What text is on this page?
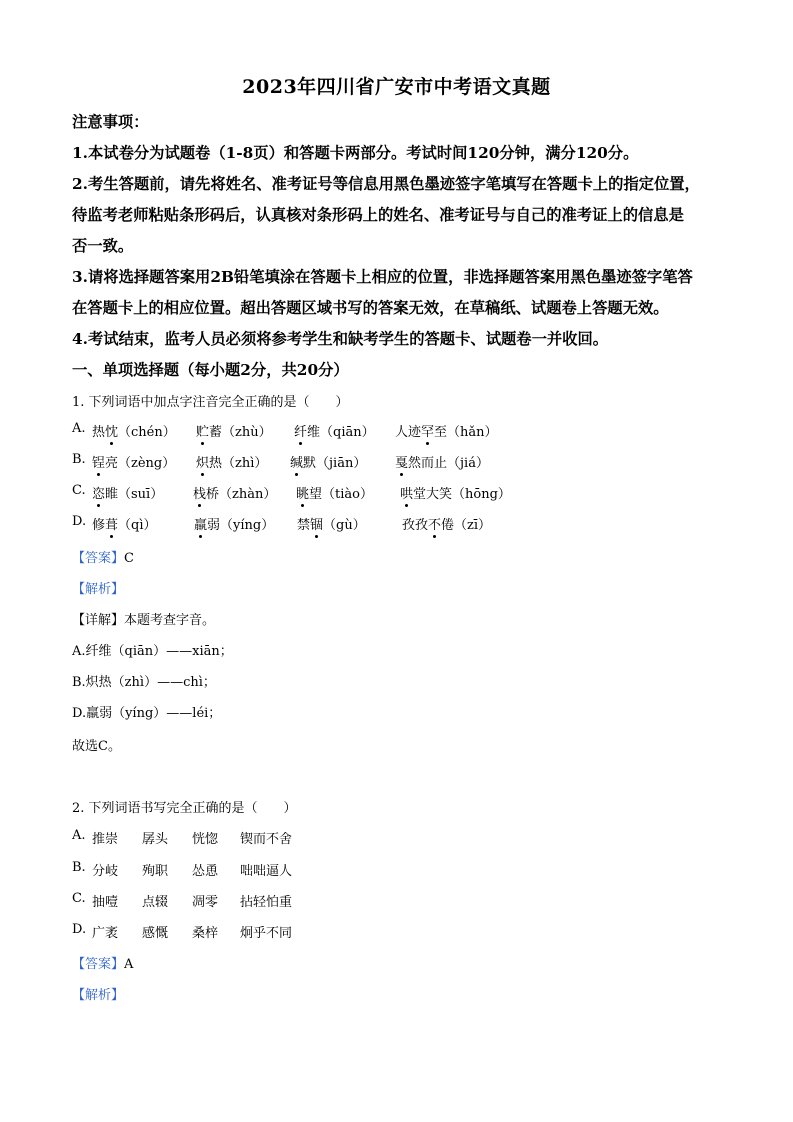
2023年四川省广安市中考语文真题
注意事项：
1.本试卷分为试题卷（1-8页）和答题卡两部分。考试时间120分钟，满分120分。
2.考生答题前，请先将姓名、准考证号等信息用黑色墨迹签字笔填写在答题卡上的指定位置，
待监考老师粘贴条形码后，认真核对条形码上的姓名、准考证号与自己的准考证上的信息是
否一致。
3.请将选择题答案用2B铅笔填涂在答题卡上相应的位置，非选择题答案用黑色墨迹签字笔答
在答题卡上的相应位置。超出答题区域书写的答案无效，在草稿纸、试题卷上答题无效。
4.考试结束，监考人员必须将参考学生和缺考学生的答题卡、试题卷一并收回。
一、单项选择题（每小题2分，共20分）
1. 下列词语中加点字注音完全正确的是（　　）
A. 热忱（chén） 贮蓄（zhù） 纤维（qiān） 人迹罕至（hǎn）
B. 锃亮（zèng） 炽热（zhì） 缄默（jiān） 戛然而止（jiá）
C. 恣睢（suī） 栈桥（zhàn） 眺望（tiào） 哄堂大笑（hōng）
D. 修葺（qì）	羸弱（yíng） 禁锢（gù）	孜孜不倦（zī）
【答案】C
【解析】
【详解】本题考查字音。
A.纤维（qiān）——xiān；
B.炽热（zhì）——chì；
D.羸弱（yíng）——léi；
故选C。
2. 下列词语书写完全正确的是（　　）
A. 推崇 孱头 恍惚 锲而不舍
B. 分岐 殉职 怂恿 咄咄逼人
C. 抽噎 点辍 凋零 拈轻怕重
D. 广袤 感慨 桑梓 炯乎不同
【答案】A
【解析】
